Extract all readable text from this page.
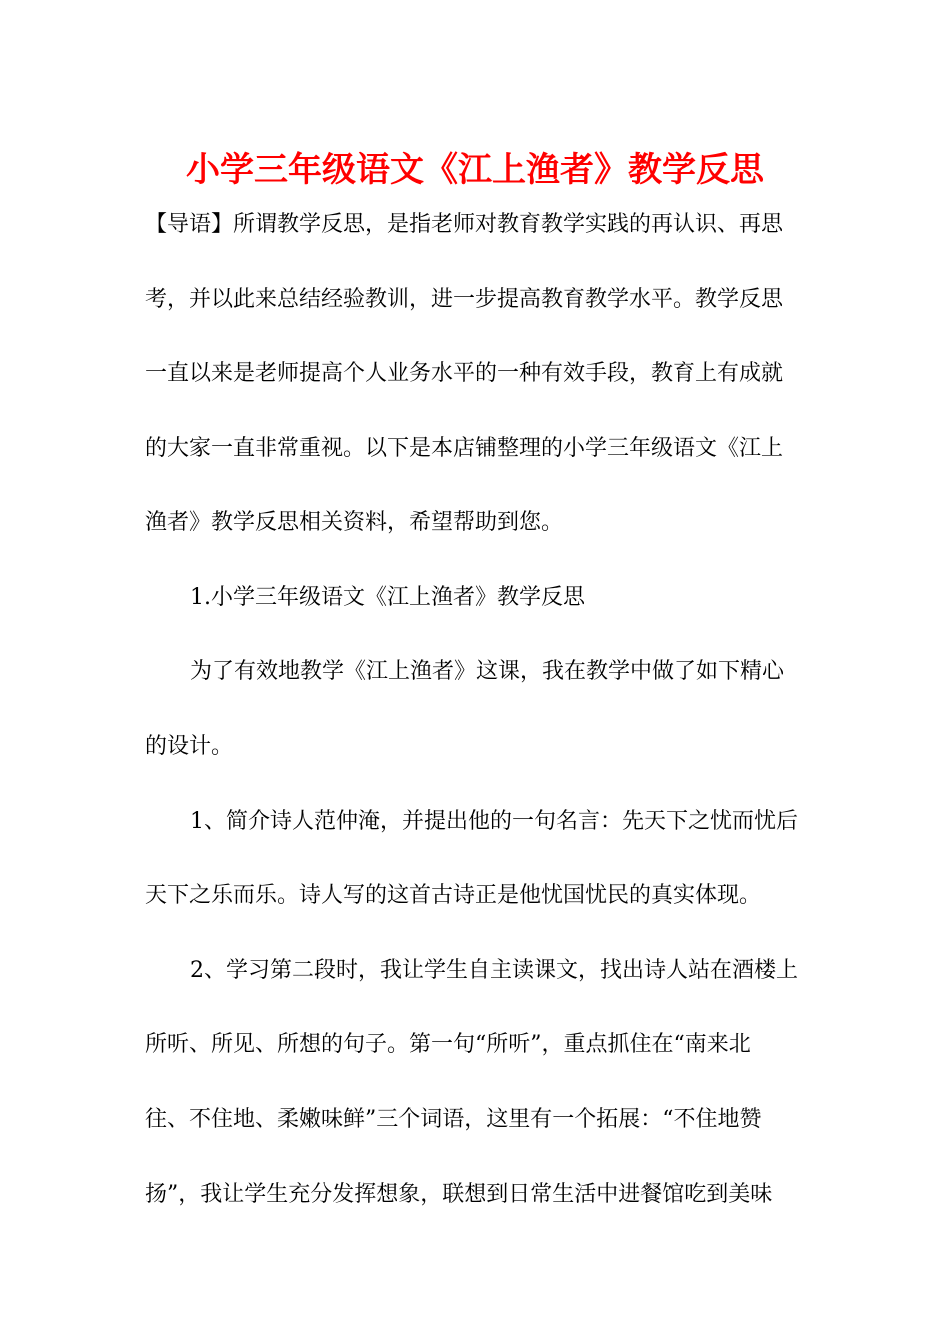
小学三年级语文《江上渔者》教学反思
【导语】所谓教学反思，是指老师对教育教学实践的再认识、再思
考，并以此来总结经验教训，进一步提高教育教学水平。教学反思
一直以来是老师提高个人业务水平的一种有效手段，教育上有成就
的大家一直非常重视。以下是本店铺整理的小学三年级语文《江上
渔者》教学反思相关资料，希望帮助到您。
1.小学三年级语文《江上渔者》教学反思
为了有效地教学《江上渔者》这课，我在教学中做了如下精心
的设计。
1、简介诗人范仲淹，并提出他的一句名言：先天下之忧而忧后
天下之乐而乐。诗人写的这首古诗正是他忧国忧民的真实体现。
2、学习第二段时，我让学生自主读课文，找出诗人站在酒楼上
所听、所见、所想的句子。第一句“所听”，重点抓住在“南来北
往、不住地、柔嫩味鲜”三个词语，这里有一个拓展：“不住地赞
扬”，我让学生充分发挥想象，联想到日常生活中进餐馆吃到美味
